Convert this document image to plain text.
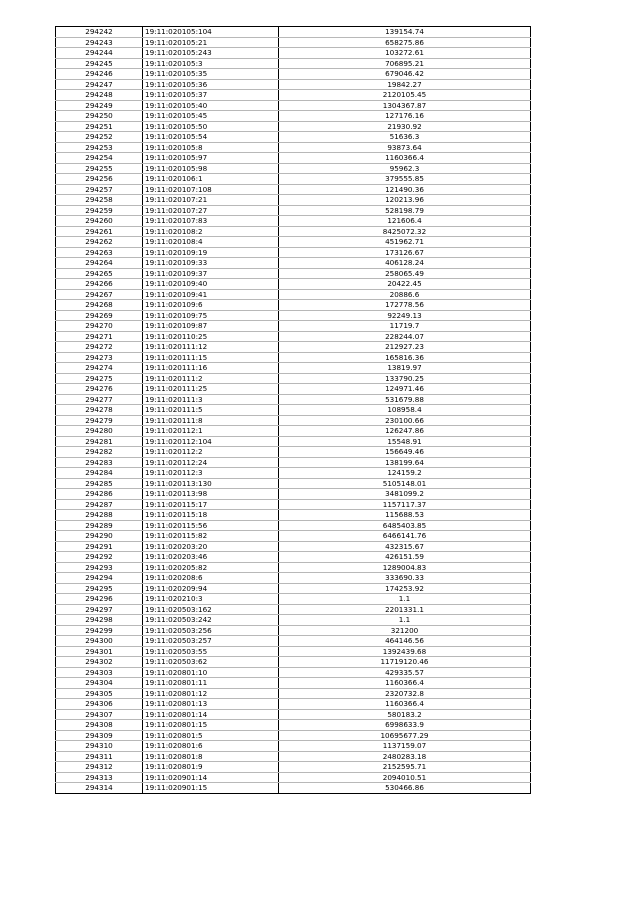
294242	19:11:020105:104	139154.74
294243	19:11:020105:21	658275.86
294244	19:11:020105:243	103272.61
294245	19:11:020105:3	706895.21
294246	19:11:020105:35	679046.42
294247	19:11:020105:36	19842.27
294248	19:11:020105:37	2120105.45
294249	19:11:020105:40	1304367.87
294250	19:11:020105:45	127176.16
294251	19:11:020105:50	21930.92
294252	19:11:020105:54	51636.3
294253	19:11:020105:8	93873.64
294254	19:11:020105:97	1160366.4
294255	19:11:020105:98	95962.3
294256	19:11:020106:1	379555.85
294257	19:11:020107:108	121490.36
294258	19:11:020107:21	120213.96
294259	19:11:020107:27	528198.79
294260	19:11:020107:83	121606.4
294261	19:11:020108:2	8425072.32
294262	19:11:020108:4	451962.71
294263	19:11:020109:19	173126.67
294264	19:11:020109:33	406128.24
294265	19:11:020109:37	258065.49
294266	19:11:020109:40	20422.45
294267	19:11:020109:41	20886.6
294268	19:11:020109:6	172778.56
294269	19:11:020109:75	92249.13
294270	19:11:020109:87	11719.7
294271	19:11:020110:25	228244.07
294272	19:11:020111:12	212927.23
294273	19:11:020111:15	165816.36
294274	19:11:020111:16	13819.97
294275	19:11:020111:2	133790.25
294276	19:11:020111:25	124971.46
294277	19:11:020111:3	531679.88
294278	19:11:020111:5	108958.4
294279	19:11:020111:8	230100.66
294280	19:11:020112:1	126247.86
294281	19:11:020112:104	15548.91
294282	19:11:020112:2	156649.46
294283	19:11:020112:24	138199.64
294284	19:11:020112:3	124159.2
294285	19:11:020113:130	5105148.01
294286	19:11:020113:98	3481099.2
294287	19:11:020115:17	1157117.37
294288	19:11:020115:18	115688.53
294289	19:11:020115:56	6485403.85
294290	19:11:020115:82	6466141.76
294291	19:11:020203:20	432315.67
294292	19:11:020203:46	426151.59
294293	19:11:020205:82	1289004.83
294294	19:11:020208:6	333690.33
294295	19:11:020209:94	174253.92
294296	19:11:020210:3	1.1
294297	19:11:020503:162	2201331.1
294298	19:11:020503:242	1.1
294299	19:11:020503:256	321200
294300	19:11:020503:257	464146.56
294301	19:11:020503:55	1392439.68
294302	19:11:020503:62	11719120.46
294303	19:11:020801:10	429335.57
294304	19:11:020801:11	1160366.4
294305	19:11:020801:12	2320732.8
294306	19:11:020801:13	1160366.4
294307	19:11:020801:14	580183.2
294308	19:11:020801:15	6998633.9
294309	19:11:020801:5	10695677.29
294310	19:11:020801:6	1137159.07
294311	19:11:020801:8	2480283.18
294312	19:11:020801:9	2152595.71
294313	19:11:020901:14	2094010.51
294314	19:11:020901:15	530466.86
